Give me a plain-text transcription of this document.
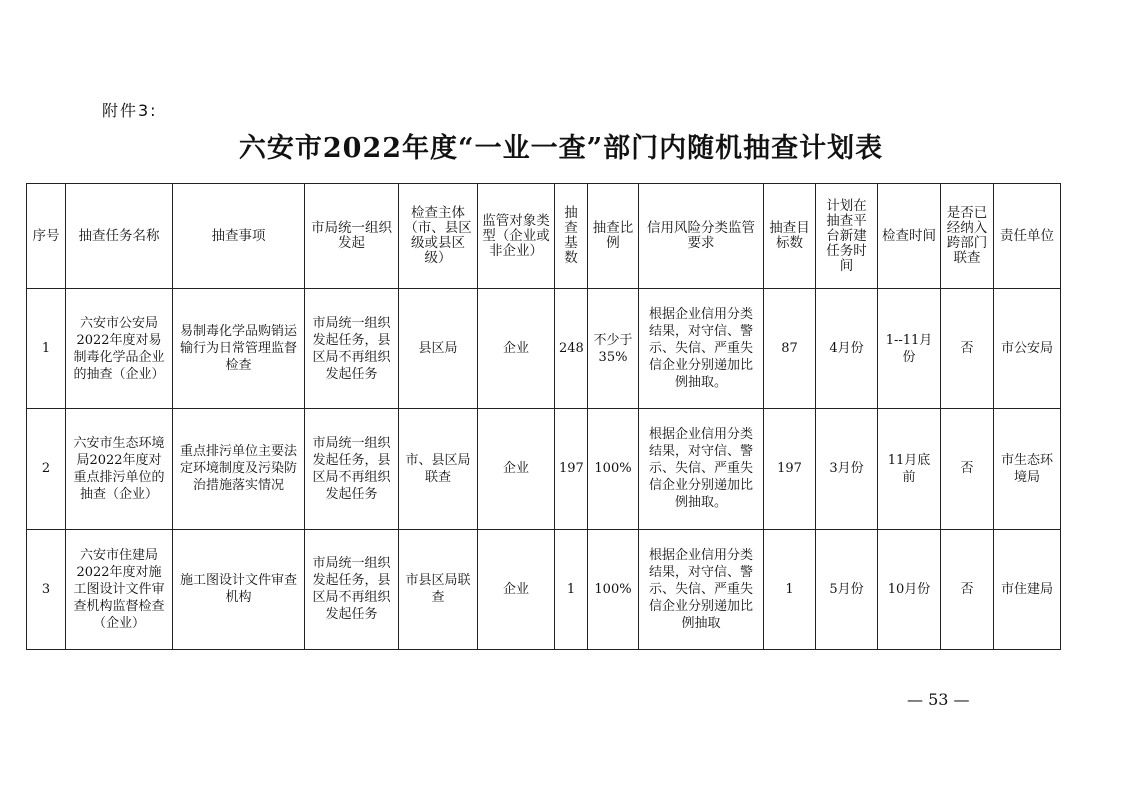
附件3:
六安市2022年度“一业一查”部门内随机抽查计划表
序号	抽查任务名称	抽查事项	市局统一组织发起	检查主体（市、县区级或县区级）	监管对象类型（企业或非企业）	抽查基数	抽查比例	信用风险分类监管要求	抽查目标数	计划在抽查平台新建任务时间	检查时间	是否已经纳入跨部门联查	责任单位
1	六安市公安局2022年度对易制毒化学品企业的抽查（企业）	易制毒化学品购销运输行为日常管理监督检查	市局统一组织发起任务，县区局不再组织发起任务	县区局	企业	248	不少于35%	根据企业信用分类结果，对守信、警示、失信、严重失信企业分别递加比例抽取。	87	4月份	1--11月份	否	市公安局
2	六安市生态环境局2022年度对重点排污单位的抽查（企业）	重点排污单位主要法定环境制度及污染防治措施落实情况	市局统一组织发起任务，县区局不再组织发起任务	市、县区局联查	企业	197	100%	根据企业信用分类结果，对守信、警示、失信、严重失信企业分别递加比例抽取。	197	3月份	11月底前	否	市生态环境局
3	六安市住建局2022年度对施工图设计文件审查机构监督检查（企业）	施工图设计文件审查机构	市局统一组织发起任务，县区局不再组织发起任务	市县区局联查	企业	1	100%	根据企业信用分类结果，对守信、警示、失信、严重失信企业分别递加比例抽取	1	5月份	10月份	否	市住建局
— 53 —
